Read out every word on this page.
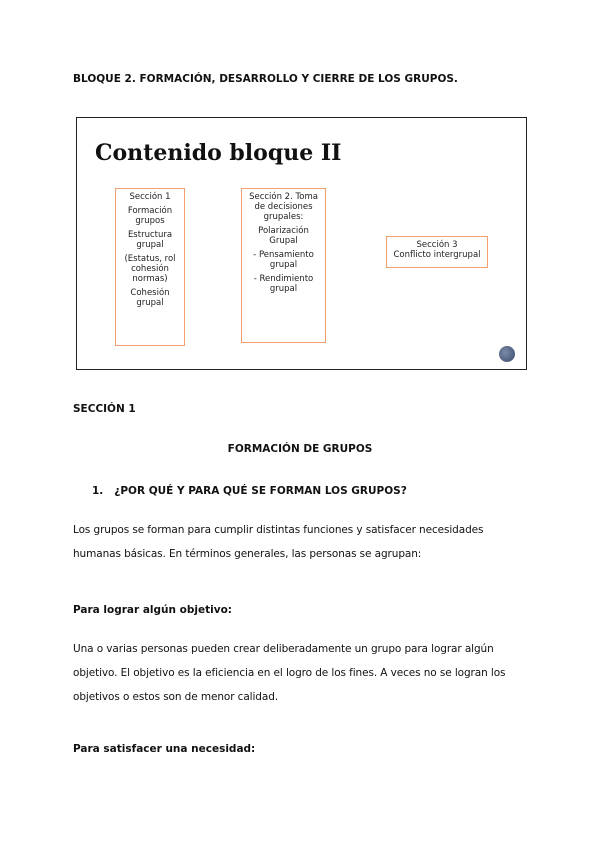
BLOQUE 2. FORMACIÓN, DESARROLLO Y CIERRE DE LOS GRUPOS.
Contenido bloque II
Sección 1
Formación grupos
Estructura grupal
(Estatus, rol cohesión normas)
Cohesión grupal
Sección 2. Toma de decisiones grupales:
Polarización Grupal
- Pensamiento grupal
- Rendimiento grupal
Sección 3
Conflicto intergrupal
SECCIÓN 1
FORMACIÓN DE GRUPOS
1.   ¿POR QUÉ Y PARA QUÉ SE FORMAN LOS GRUPOS?
Los grupos se forman para cumplir distintas funciones y satisfacer necesidades humanas básicas. En términos generales, las personas se agrupan:
Para lograr algún objetivo:
Una o varias personas pueden crear deliberadamente un grupo para lograr algún objetivo. El objetivo es la eficiencia en el logro de los fines. A veces no se logran los objetivos o estos son de menor calidad.
Para satisfacer una necesidad:
